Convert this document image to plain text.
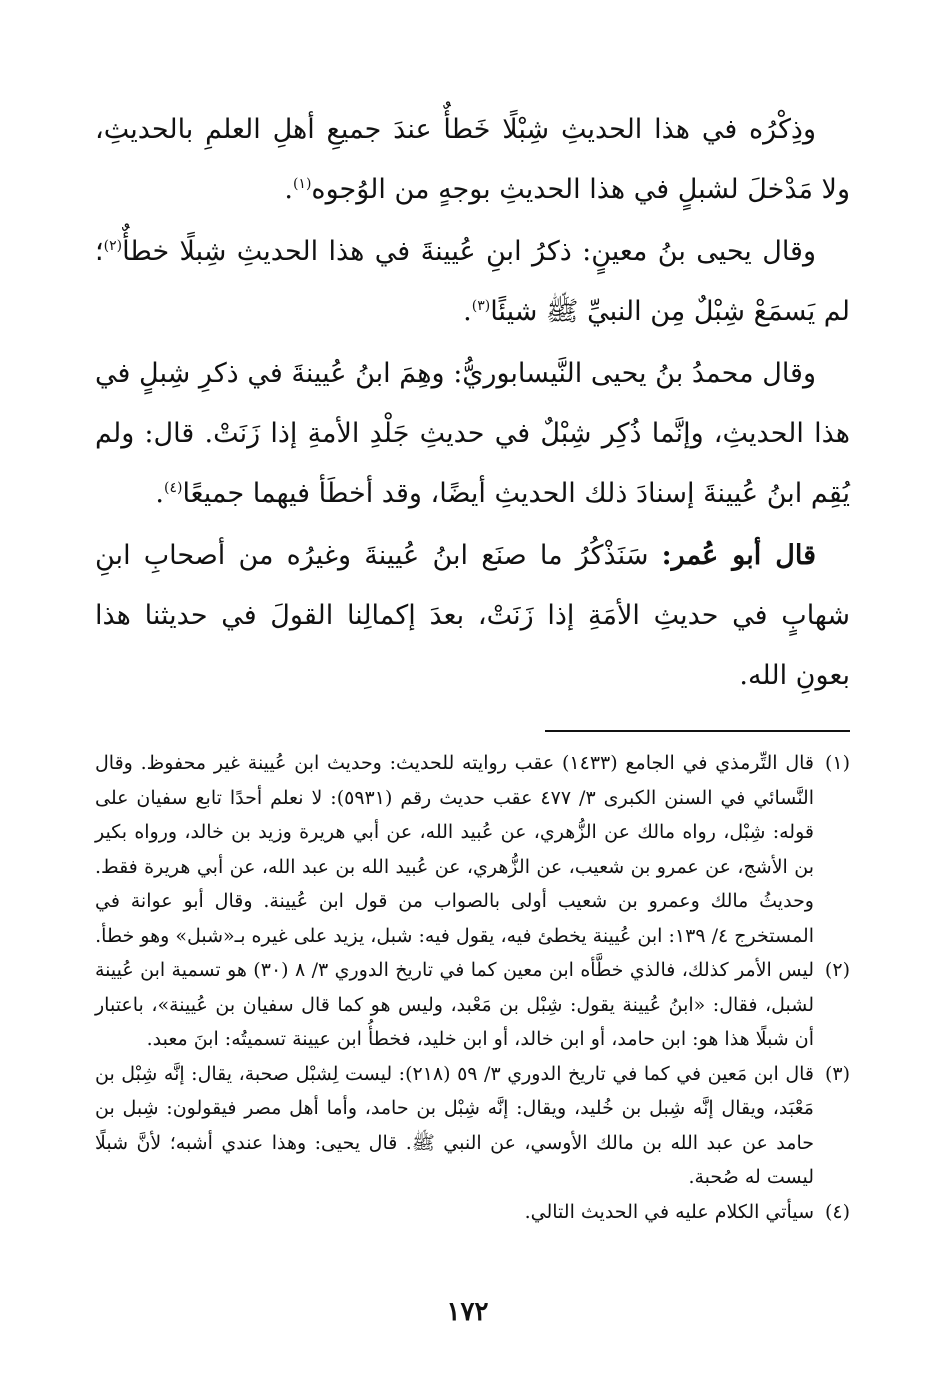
وذِكْرُه في هذا الحديثِ شِبْلًا خَطأٌ عندَ جميعِ أهلِ العلمِ بالحديثِ، ولا مَدْخلَ لشبلٍ في هذا الحديثِ بوجهٍ من الوُجوه$^{(١)}$.

وقال يحيى بنُ معينٍ: ذكرُ ابنِ عُيينةَ في هذا الحديثِ شِبلًا خطأٌ$^{(٢)}$؛ لم يَسمَعْ شِبْلٌ مِن النبيِّ ﷺ شيئًا$^{(٣)}$.

وقال محمدُ بنُ يحيى النَّيسابوريُّ: وهِمَ ابنُ عُيينةَ في ذكرِ شِبلٍ في هذا الحديثِ، وإنَّما ذُكِر شِبْلٌ في حديثِ جَلْدِ الأمةِ إذا زَنَتْ. قال: ولم يُقِم ابنُ عُيينةَ إسنادَ ذلك الحديثِ أيضًا، وقد أخطَأ فيهما جميعًا$^{(٤)}$.

قال أبو عُمر: سَنَذْكُرُ ما صنَع ابنُ عُيينةَ وغيرُه من أصحابِ ابنِ شهابٍ في حديثِ الأمَةِ إذا زَنَتْ، بعدَ إكمالِنا القولَ في حديثنا هذا بعونِ الله.

(١)قال التِّرمذي في الجامع (١٤٣٣) عقب روايته للحديث: وحديث ابن عُيينة غير محفوظ. وقال النَّسائي في السنن الكبرى ٣/ ٤٧٧ عقب حديث رقم (٥٩٣١): لا نعلم أحدًا تابع سفيان على قوله: شِبْل، رواه مالك عن الزُّهري، عن عُبيد الله، عن أبي هريرة وزيد بن خالد، ورواه بكير بن الأشج، عن عمرو بن شعيب، عن الزُّهري، عن عُبيد الله بن عبد الله، عن أبي هريرة فقط. وحديثُ مالك وعمرو بن شعيب أولى بالصواب من قول ابن عُيينة. وقال أبو عوانة في المستخرج ٤/ ١٣٩: ابن عُيينة يخطئ فيه، يقول فيه: شبل، يزيد على غيره بـ«شبل» وهو خطأ.

(٢)ليس الأمر كذلك، فالذي خطَّأه ابن معين كما في تاريخ الدوري ٣/ ٨ (٣٠) هو تسمية ابن عُيينة لشبل، فقال: «ابنُ عُيينة يقول: شِبْل بن مَعْبد، وليس هو كما قال سفيان بن عُيينة»، باعتبار أن شبلًا هذا هو: ابن حامد، أو ابن خالد، أو ابن خليد، فخطأُ ابن عيينة تسميتُه: ابنَ معبد.

(٣)قال ابن مَعين في كما في تاريخ الدوري ٣/ ٥٩ (٢١٨): ليست لِشبْل صحبة، يقال: إنَّه شِبْل بن مَعْبَد، ويقال إنَّه شِبل بن خُليد، ويقال: إنَّه شِبْل بن حامد، وأما أهل مصر فيقولون: شِبل بن حامد عن عبد الله بن مالك الأوسي، عن النبي ﷺ. قال يحيى: وهذا عندي أشبه؛ لأنَّ شبلًا ليست له صُحبة.

(٤)سيأتي الكلام عليه في الحديث التالي.

١٧٢
